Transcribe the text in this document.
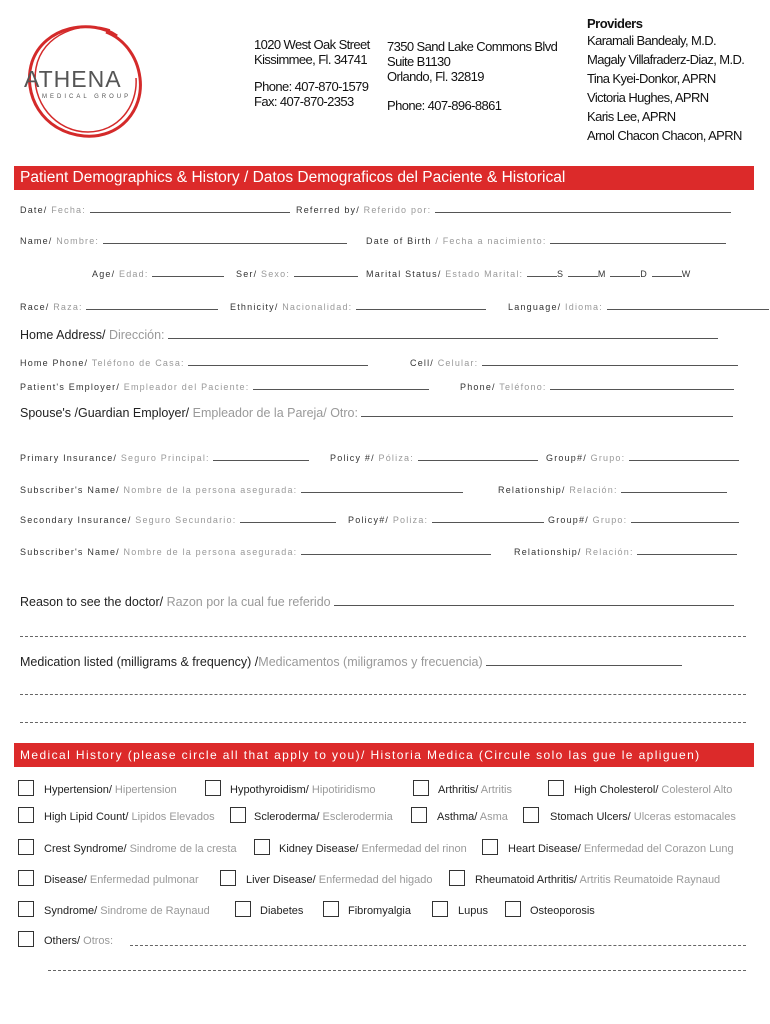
ATHENA
MEDICAL GROUP
1020 West Oak Street
Kissimmee, Fl. 34741
Phone: 407-870-1579
Fax: 407-870-2353
7350 Sand Lake Commons Blvd
Suite B1130
Orlando, Fl. 32819
Phone: 407-896-8861
Providers
Karamali Bandealy, M.D.
Magaly Villafraderz-Diaz, M.D.
Tina Kyei-Donkor, APRN
Victoria Hughes, APRN
Karis Lee, APRN
Arnol Chacon Chacon, APRN
Patient Demographics & History / Datos Demograficos del Paciente & Historical
Date/ Fecha:	Referred by/ Referido por:
Name/ Nombre:	Date of Birth / Fecha a nacimiento:
Age/ Edad:	Ser/ Sexo:	Marital Status/ Estado Marital:	S	M	D	W
Race/ Raza:	Ethnicity/ Nacionalidad:	Language/ Idioma:
Home Address/ Dirección:
Home Phone/ Teléfono de Casa:	Cell/ Celular:
Patient's Employer/ Empleador del Paciente:	Phone/ Teléfono:
Spouse's /Guardian Employer/ Empleador de la Pareja/ Otro:
Primary Insurance/ Seguro Principal:	Policy #/ Póliza:	Group#/ Grupo:
Subscriber's Name/ Nombre de la persona asegurada:	Relationship/ Relación:
Secondary Insurance/ Seguro Secundario:	Policy#/ Poliza:	Group#/ Grupo:
Subscriber's Name/ Nombre de la persona asegurada:	Relationship/ Relación:
Reason to see the doctor/ Razon por la cual fue referido
Medication listed (milligrams & frequency) /Medicamentos (miligramos y frecuencia)
Medical History (please circle all that apply to you)/ Historia Medica (Circule solo las gue le apliguen)
Hypertension/ Hipertension	Hypothyroidism/ Hipotiridismo	Arthritis/ Artritis	High Cholesterol/ Colesterol Alto
High Lipid Count/ Lipidos Elevados	Scleroderma/ Esclerodermia	Asthma/ Asma	Stomach Ulcers/ Ulceras estomacales
Crest Syndrome/ Sindrome de la cresta	Kidney Disease/ Enfermedad del rinon	Heart Disease/ Enfermedad del Corazon Lung
Disease/ Enfermedad pulmonar	Liver Disease/ Enfermedad del higado	Rheumatoid Arthritis/ Artritis Reumatoide Raynaud
Syndrome/ Sindrome de Raynaud	Diabetes	Fibromyalgia	Lupus	Osteoporosis
Others/ Otros:
